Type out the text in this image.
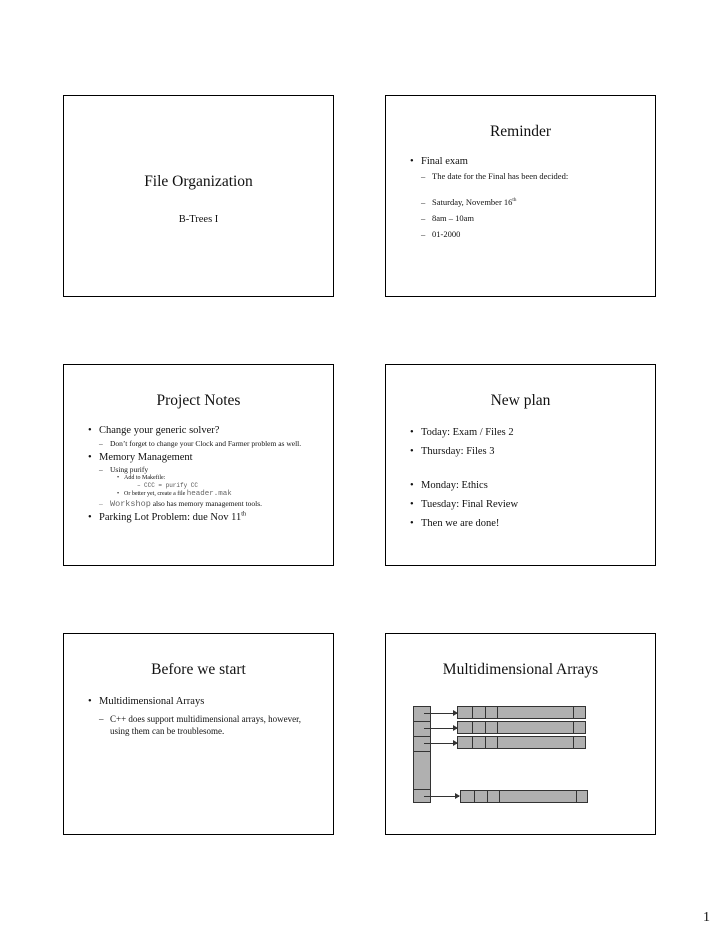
File Organization
B-Trees I
Reminder
• Final exam
– The date for the Final has been decided:
– Saturday, November 16th
– 8am – 10am
– 01-2000
Project Notes
• Change your generic solver?
– Don’t forget to change your Clock and Farmer problem as well.
• Memory Management
– Using purify
• Add to Makefile:
– CCC = purify CC
• Or better yet, create a file header.mak
– Workshop also has memory management tools.
• Parking Lot Problem: due Nov 11th
New plan
• Today: Exam / Files 2
• Thursday: Files 3
• Monday: Ethics
• Tuesday: Final Review
• Then we are done!
Before we start
• Multidimensional Arrays
– C++ does support multidimensional arrays, however, using them can be troublesome.
Multidimensional Arrays
1
